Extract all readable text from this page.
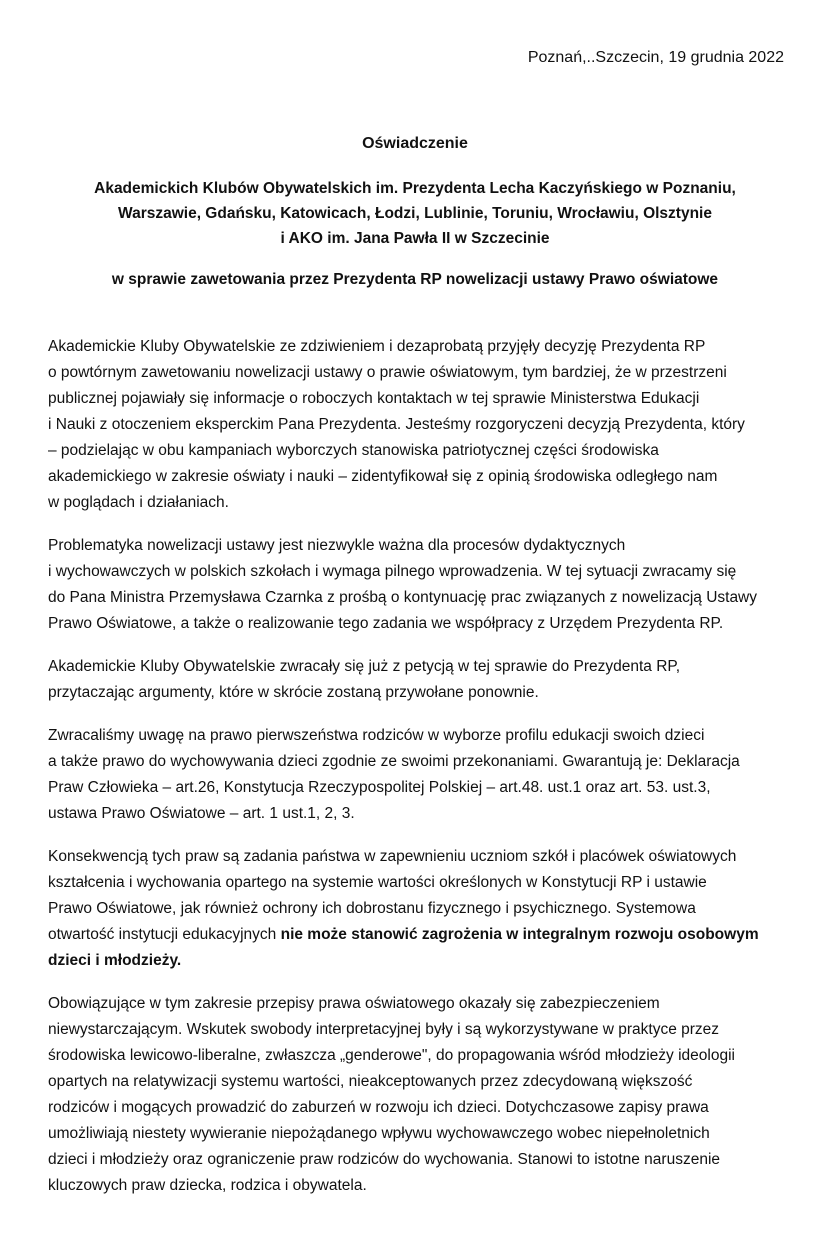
Poznań,..Szczecin, 19 grudnia 2022
Oświadczenie
Akademickich Klubów Obywatelskich im. Prezydenta Lecha Kaczyńskiego w Poznaniu,
Warszawie, Gdańsku, Katowicach, Łodzi, Lublinie, Toruniu, Wrocławiu, Olsztynie
i AKO im. Jana Pawła II w Szczecinie
w sprawie zawetowania przez Prezydenta RP nowelizacji ustawy Prawo oświatowe
Akademickie Kluby Obywatelskie ze zdziwieniem i dezaprobatą przyjęły decyzję Prezydenta RP
o powtórnym zawetowaniu nowelizacji ustawy o prawie oświatowym, tym bardziej, że w przestrzeni
publicznej pojawiały się informacje o roboczych kontaktach w tej sprawie Ministerstwa Edukacji
i Nauki z otoczeniem eksperckim Pana Prezydenta. Jesteśmy rozgoryczeni decyzją Prezydenta, który
– podzielając w obu kampaniach wyborczych stanowiska patriotycznej części środowiska
akademickiego w zakresie oświaty i nauki – zidentyfikował się z opinią środowiska odległego nam
w poglądach i działaniach.
Problematyka nowelizacji ustawy jest niezwykle ważna dla procesów dydaktycznych
i wychowawczych w polskich szkołach i wymaga pilnego wprowadzenia. W tej sytuacji zwracamy się
do Pana Ministra Przemysława Czarnka z prośbą o kontynuację prac związanych z nowelizacją Ustawy
Prawo Oświatowe, a także o realizowanie tego zadania we współpracy z Urzędem Prezydenta RP.
Akademickie Kluby Obywatelskie zwracały się już z petycją w tej sprawie do Prezydenta RP,
przytaczając argumenty, które w skrócie zostaną przywołane ponownie.
Zwracaliśmy uwagę na prawo pierwszeństwa rodziców w wyborze profilu edukacji swoich dzieci
a także prawo do wychowywania dzieci zgodnie ze swoimi przekonaniami. Gwarantują je: Deklaracja
Praw Człowieka – art.26, Konstytucja Rzeczypospolitej Polskiej – art.48. ust.1 oraz art. 53. ust.3,
ustawa Prawo Oświatowe – art. 1 ust.1, 2, 3.
Konsekwencją tych praw są zadania państwa w zapewnieniu uczniom szkół i placówek oświatowych
kształcenia i wychowania opartego na systemie wartości określonych w Konstytucji RP i ustawie
Prawo Oświatowe, jak również ochrony ich dobrostanu fizycznego i psychicznego. Systemowa
otwartość instytucji edukacyjnych nie może stanowić zagrożenia w integralnym rozwoju osobowym
dzieci i młodzieży.
Obowiązujące w tym zakresie przepisy prawa oświatowego okazały się zabezpieczeniem
niewystarczającym. Wskutek swobody interpretacyjnej były i są wykorzystywane w praktyce przez
środowiska lewicowo-liberalne, zwłaszcza „genderowe", do propagowania wśród młodzieży ideologii
opartych na relatywizacji systemu wartości, nieakceptowanych przez zdecydowaną większość
rodziców i mogących prowadzić do zaburzeń w rozwoju ich dzieci. Dotychczasowe zapisy prawa
umożliwiają niestety wywieranie niepożądanego wpływu wychowawczego wobec niepełnoletnich
dzieci i młodzieży oraz ograniczenie praw rodziców do wychowania. Stanowi to istotne naruszenie
kluczowych praw dziecka, rodzica i obywatela.
